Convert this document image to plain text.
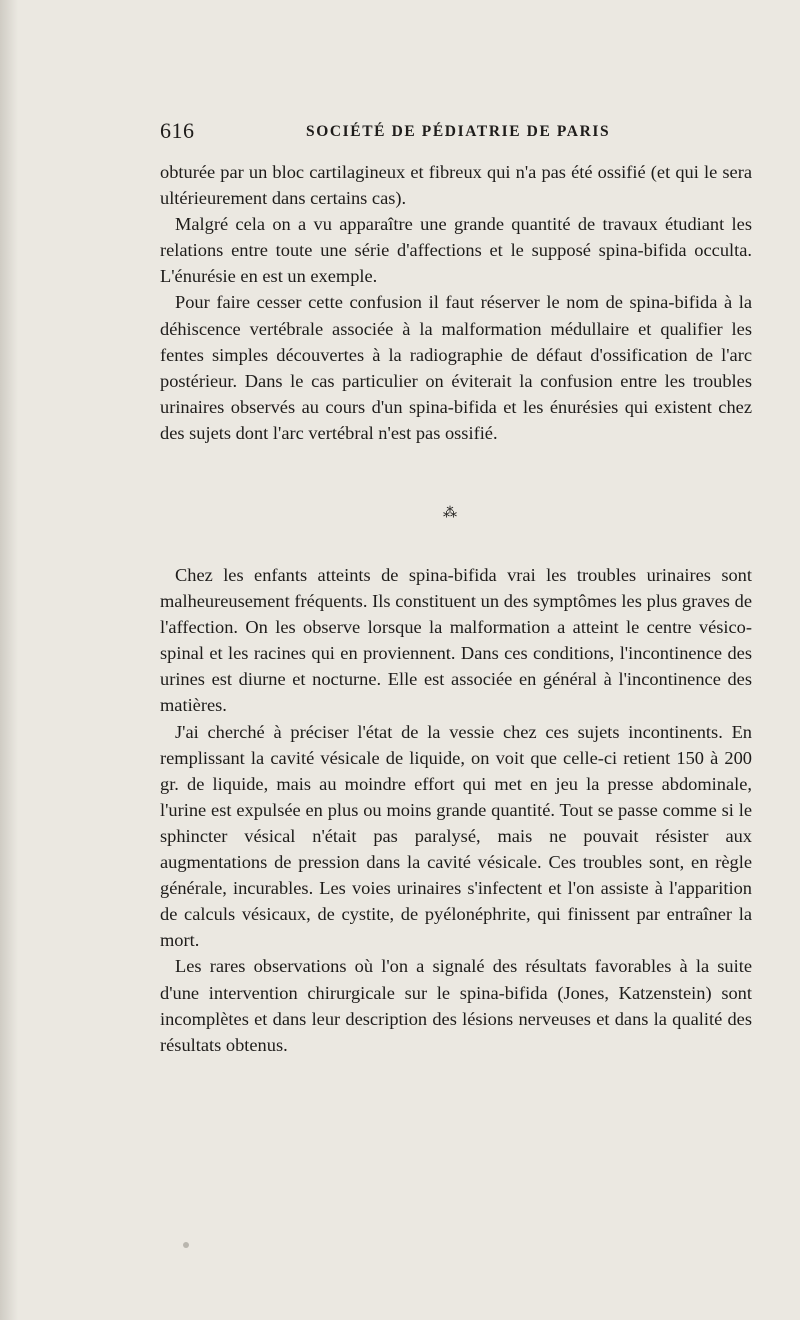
616	SOCIÉTÉ DE PÉDIATRIE DE PARIS

obturée par un bloc cartilagineux et fibreux qui n'a pas été ossifié (et qui le sera ultérieurement dans certains cas).

Malgré cela on a vu apparaître une grande quantité de travaux étudiant les relations entre toute une série d'affections et le supposé spina-bifida occulta. L'énurésie en est un exemple.

Pour faire cesser cette confusion il faut réserver le nom de spina-bifida à la déhiscence vertébrale associée à la malformation médullaire et qualifier les fentes simples découvertes à la radiographie de défaut d'ossification de l'arc postérieur. Dans le cas particulier on éviterait la confusion entre les troubles urinaires observés au cours d'un spina-bifida et les énurésies qui existent chez des sujets dont l'arc vertébral n'est pas ossifié.

⁂

Chez les enfants atteints de spina-bifida vrai les troubles urinaires sont malheureusement fréquents. Ils constituent un des symptômes les plus graves de l'affection. On les observe lorsque la malformation a atteint le centre vésico-spinal et les racines qui en proviennent. Dans ces conditions, l'incontinence des urines est diurne et nocturne. Elle est associée en général à l'incontinence des matières.

J'ai cherché à préciser l'état de la vessie chez ces sujets incontinents. En remplissant la cavité vésicale de liquide, on voit que celle-ci retient 150 à 200 gr. de liquide, mais au moindre effort qui met en jeu la presse abdominale, l'urine est expulsée en plus ou moins grande quantité. Tout se passe comme si le sphincter vésical n'était pas paralysé, mais ne pouvait résister aux augmentations de pression dans la cavité vésicale. Ces troubles sont, en règle générale, incurables. Les voies urinaires s'infectent et l'on assiste à l'apparition de calculs vésicaux, de cystite, de pyélonéphrite, qui finissent par entraîner la mort.

Les rares observations où l'on a signalé des résultats favorables à la suite d'une intervention chirurgicale sur le spina-bifida (Jones, Katzenstein) sont incomplètes et dans leur description des lésions nerveuses et dans la qualité des résultats obtenus.
